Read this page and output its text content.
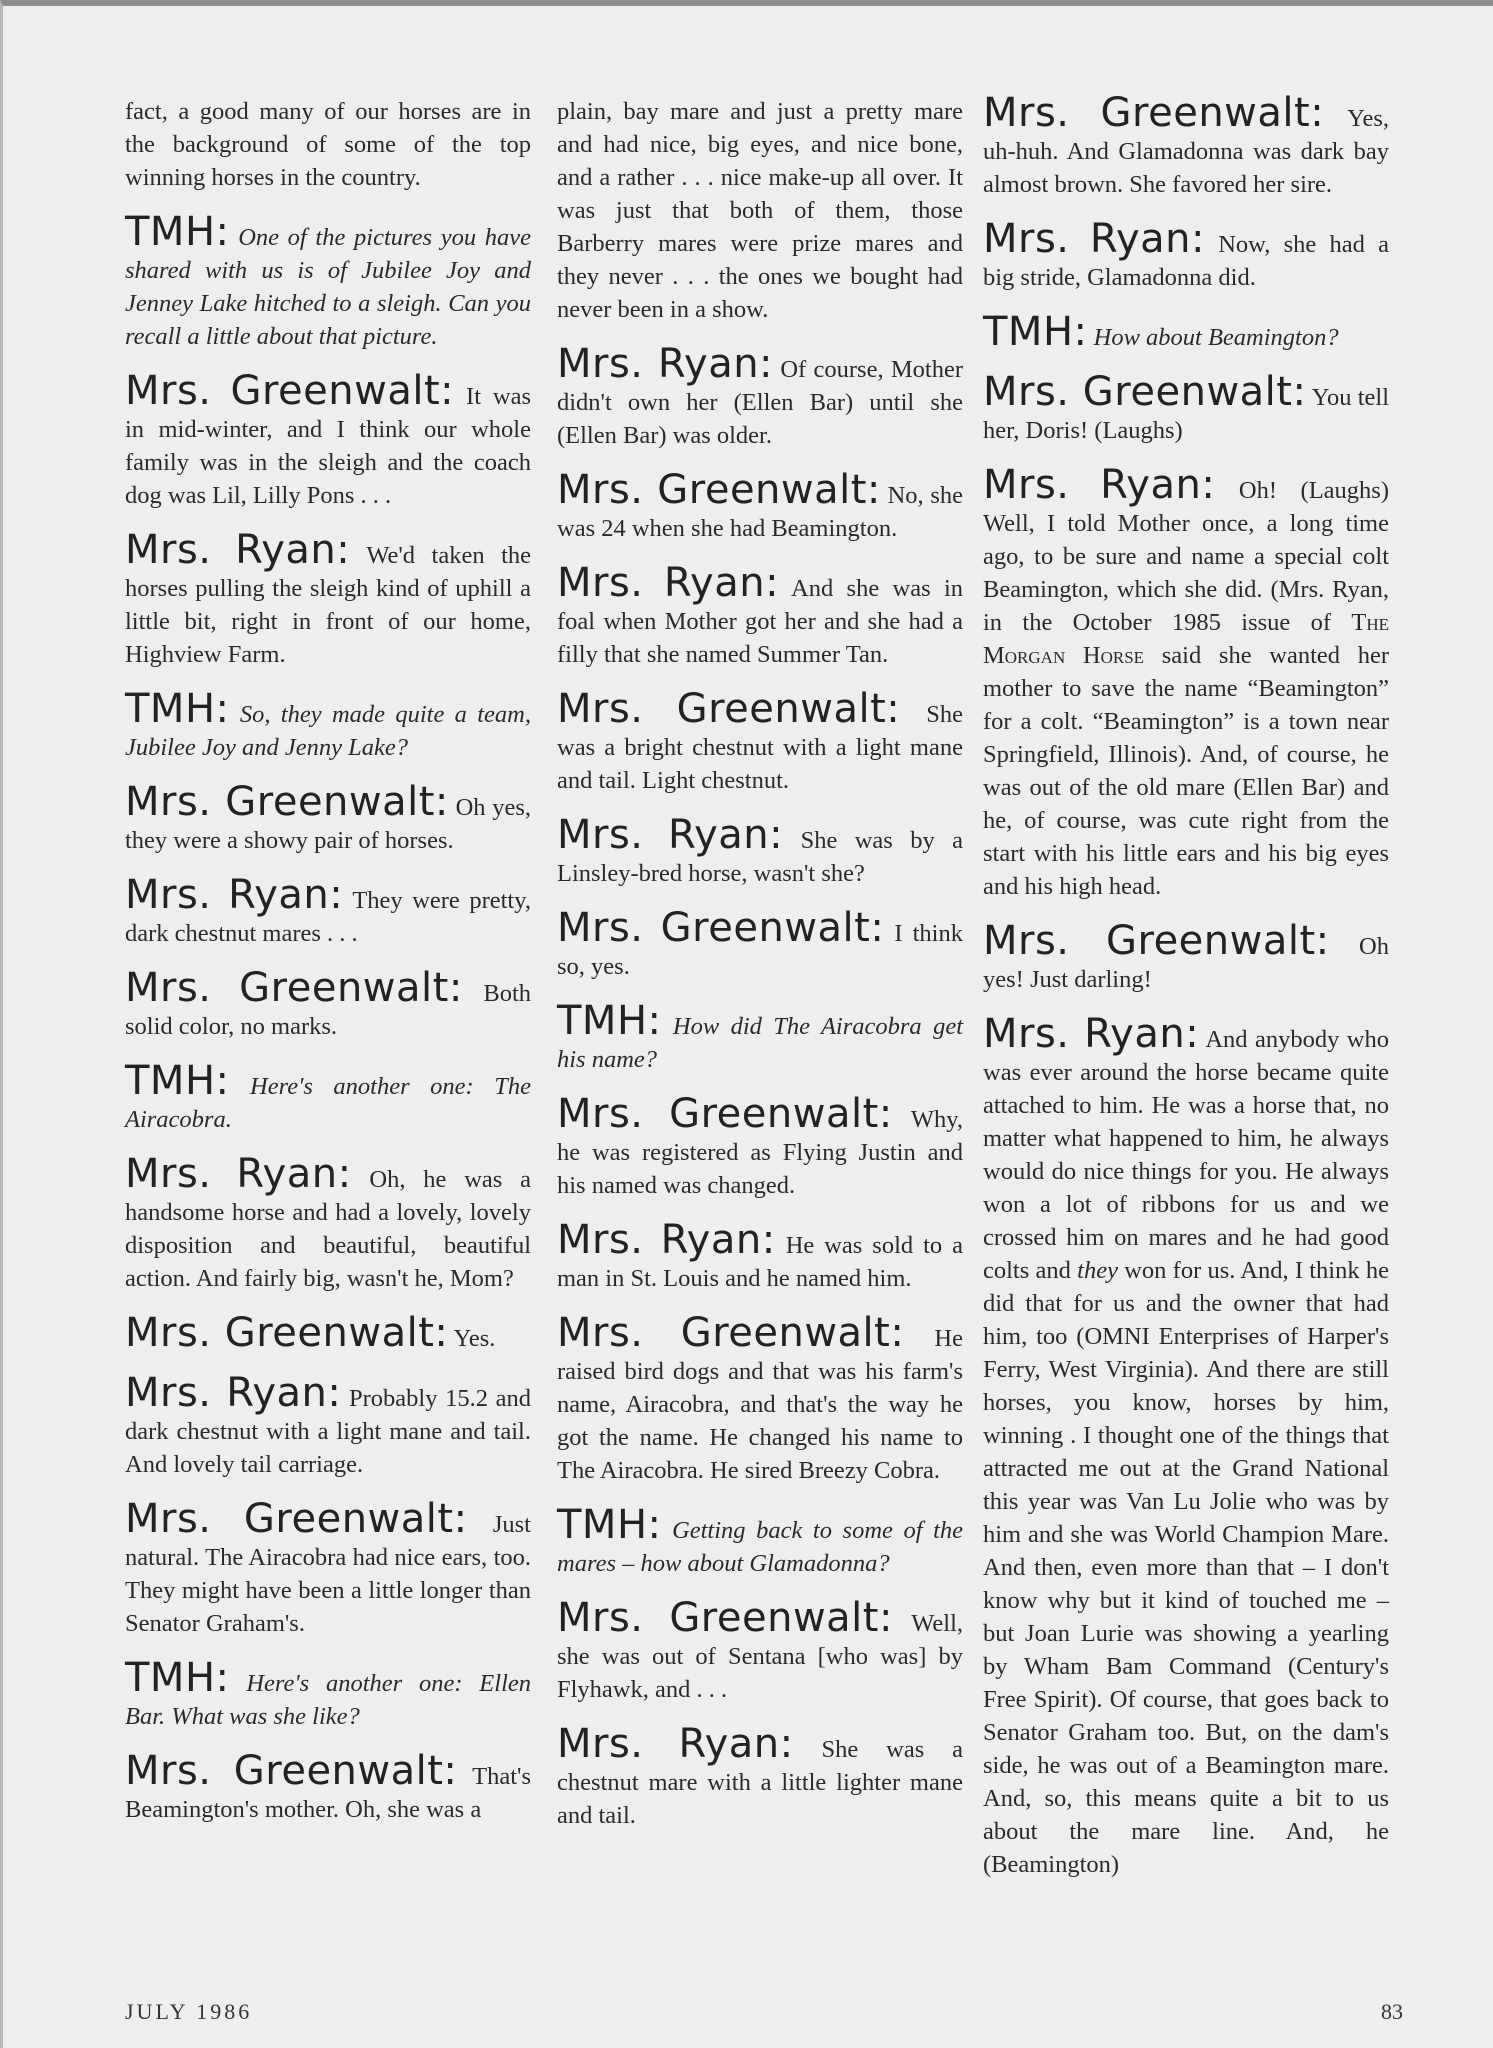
fact, a good many of our horses are in the background of some of the top winning horses in the country.

TMH: One of the pictures you have shared with us is of Jubilee Joy and Jenney Lake hitched to a sleigh. Can you recall a little about that picture.

Mrs. Greenwalt: It was in mid-winter, and I think our whole family was in the sleigh and the coach dog was Lil, Lilly Pons . . .

Mrs. Ryan: We'd taken the horses pulling the sleigh kind of uphill a little bit, right in front of our home, Highview Farm.

TMH: So, they made quite a team, Jubilee Joy and Jenny Lake?

Mrs. Greenwalt: Oh yes, they were a showy pair of horses.

Mrs. Ryan: They were pretty, dark chestnut mares . . .

Mrs. Greenwalt: Both solid color, no marks.

TMH: Here's another one: The Airacobra.

Mrs. Ryan: Oh, he was a handsome horse and had a lovely, lovely disposition and beautiful, beautiful action. And fairly big, wasn't he, Mom?

Mrs. Greenwalt: Yes.

Mrs. Ryan: Probably 15.2 and dark chestnut with a light mane and tail. And lovely tail carriage.

Mrs. Greenwalt: Just natural. The Airacobra had nice ears, too. They might have been a little longer than Senator Graham's.

TMH: Here's another one: Ellen Bar. What was she like?

Mrs. Greenwalt: That's Beamington's mother. Oh, she was a

plain, bay mare and just a pretty mare and had nice, big eyes, and nice bone, and a rather . . . nice make-up all over. It was just that both of them, those Barberry mares were prize mares and they never . . . the ones we bought had never been in a show.

Mrs. Ryan: Of course, Mother didn't own her (Ellen Bar) until she (Ellen Bar) was older.

Mrs. Greenwalt: No, she was 24 when she had Beamington.

Mrs. Ryan: And she was in foal when Mother got her and she had a filly that she named Summer Tan.

Mrs. Greenwalt: She was a bright chestnut with a light mane and tail. Light chestnut.

Mrs. Ryan: She was by a Linsley-bred horse, wasn't she?

Mrs. Greenwalt: I think so, yes.

TMH: How did The Airacobra get his name?

Mrs. Greenwalt: Why, he was registered as Flying Justin and his named was changed.

Mrs. Ryan: He was sold to a man in St. Louis and he named him.

Mrs. Greenwalt: He raised bird dogs and that was his farm's name, Airacobra, and that's the way he got the name. He changed his name to The Airacobra. He sired Breezy Cobra.

TMH: Getting back to some of the mares – how about Glamadonna?

Mrs. Greenwalt: Well, she was out of Sentana [who was] by Flyhawk, and . . .

Mrs. Ryan: She was a chestnut mare with a little lighter mane and tail.

Mrs. Greenwalt: Yes, uh-huh. And Glamadonna was dark bay almost brown. She favored her sire.

Mrs. Ryan: Now, she had a big stride, Glamadonna did.

TMH: How about Beamington?

Mrs. Greenwalt: You tell her, Doris! (Laughs)

Mrs. Ryan: Oh! (Laughs) Well, I told Mother once, a long time ago, to be sure and name a special colt Beamington, which she did. (Mrs. Ryan, in the October 1985 issue of The Morgan Horse said she wanted her mother to save the name “Beamington” for a colt. “Beamington” is a town near Springfield, Illinois). And, of course, he was out of the old mare (Ellen Bar) and he, of course, was cute right from the start with his little ears and his big eyes and his high head.

Mrs. Greenwalt: Oh yes! Just darling!

Mrs. Ryan: And anybody who was ever around the horse became quite attached to him. He was a horse that, no matter what happened to him, he always would do nice things for you. He always won a lot of ribbons for us and we crossed him on mares and he had good colts and they won for us. And, I think he did that for us and the owner that had him, too (OMNI Enterprises of Harper's Ferry, West Virginia). And there are still horses, you know, horses by him, winning . I thought one of the things that attracted me out at the Grand National this year was Van Lu Jolie who was by him and she was World Champion Mare. And then, even more than that – I don't know why but it kind of touched me – but Joan Lurie was showing a yearling by Wham Bam Command (Century's Free Spirit). Of course, that goes back to Senator Graham too. But, on the dam's side, he was out of a Beamington mare. And, so, this means quite a bit to us about the mare line. And, he (Beamington)

JULY 1986	83
